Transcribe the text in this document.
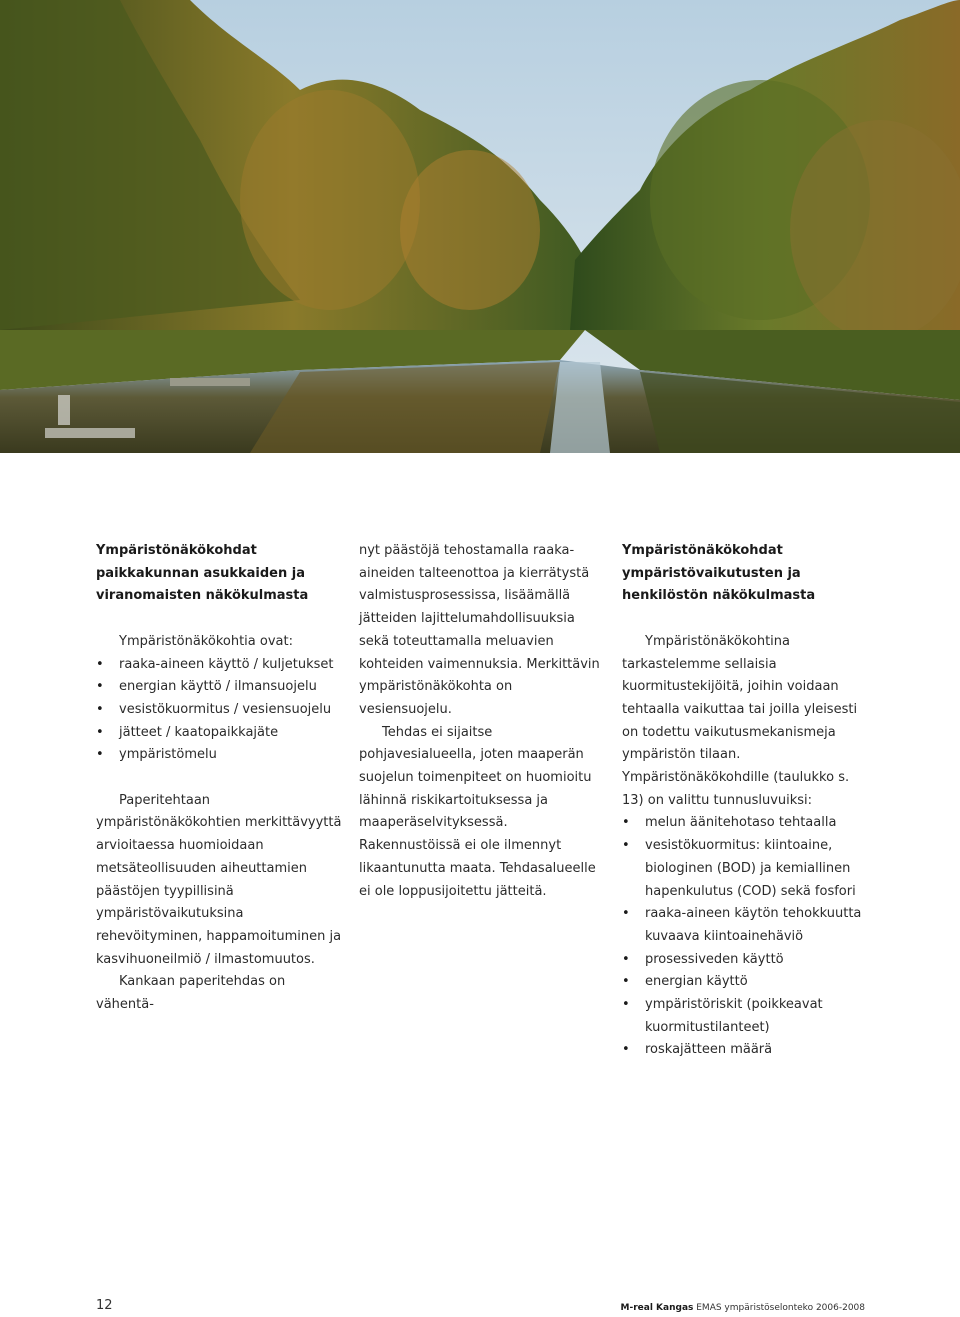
Ympäristönäkökohdat paikkakunnan asukkaiden ja viranomaisten näkökulmasta

Ympäristönäkökohtia ovat:

• raaka-aineen käyttö / kuljetukset
• energian käyttö / ilmansuojelu
• vesistökuormitus / vesiensuojelu
• jätteet / kaatopaikkajäte
• ympäristömelu

Paperitehtaan ympäristönäkökohtien merkittävyyttä arvioitaessa huomioidaan metsäteollisuuden aiheuttamien päästöjen tyypillisinä ympäristövaikutuksina rehevöityminen, happamoituminen ja kasvihuoneilmiö / ilmastomuutos.

Kankaan paperitehdas on vähentä-

nyt päästöjä tehostamalla raaka-aineiden talteenottoa ja kierrätystä valmistusprosessissa, lisäämällä jätteiden lajittelumahdollisuuksia sekä toteuttamalla meluavien kohteiden vaimennuksia. Merkittävin ympäristönäkökohta on vesiensuojelu.

Tehdas ei sijaitse pohjavesialueella, joten maaperän suojelun toimenpiteet on huomioitu lähinnä riskikartoituksessa ja maaperäselvityksessä. Rakennustöissä ei ole ilmennyt likaantunutta maata. Tehdasalueelle ei ole loppusijoitettu jätteitä.

Ympäristönäkökohdat ympäristövaikutusten ja henkilöstön näkökulmasta

Ympäristönäkökohtina tarkastelemme sellaisia kuormitustekijöitä, joihin voidaan tehtaalla vaikuttaa tai joilla yleisesti on todettu vaikutusmekanismeja ympäristön tilaan. Ympäristönäkökohdille (taulukko s. 13) on valittu tunnusluvuiksi:

• melun äänitehotaso tehtaalla
• vesistökuormitus: kiintoaine, biologinen (BOD) ja kemiallinen hapenkulutus (COD) sekä fosfori
• raaka-aineen käytön tehokkuutta kuvaava kiintoainehäviö
• prosessiveden käyttö
• energian käyttö
• ympäristöriskit (poikkeavat kuormitustilanteet)
• roskajätteen määrä
12	M-real Kangas EMAS ympäristöselonteko 2006-2008
